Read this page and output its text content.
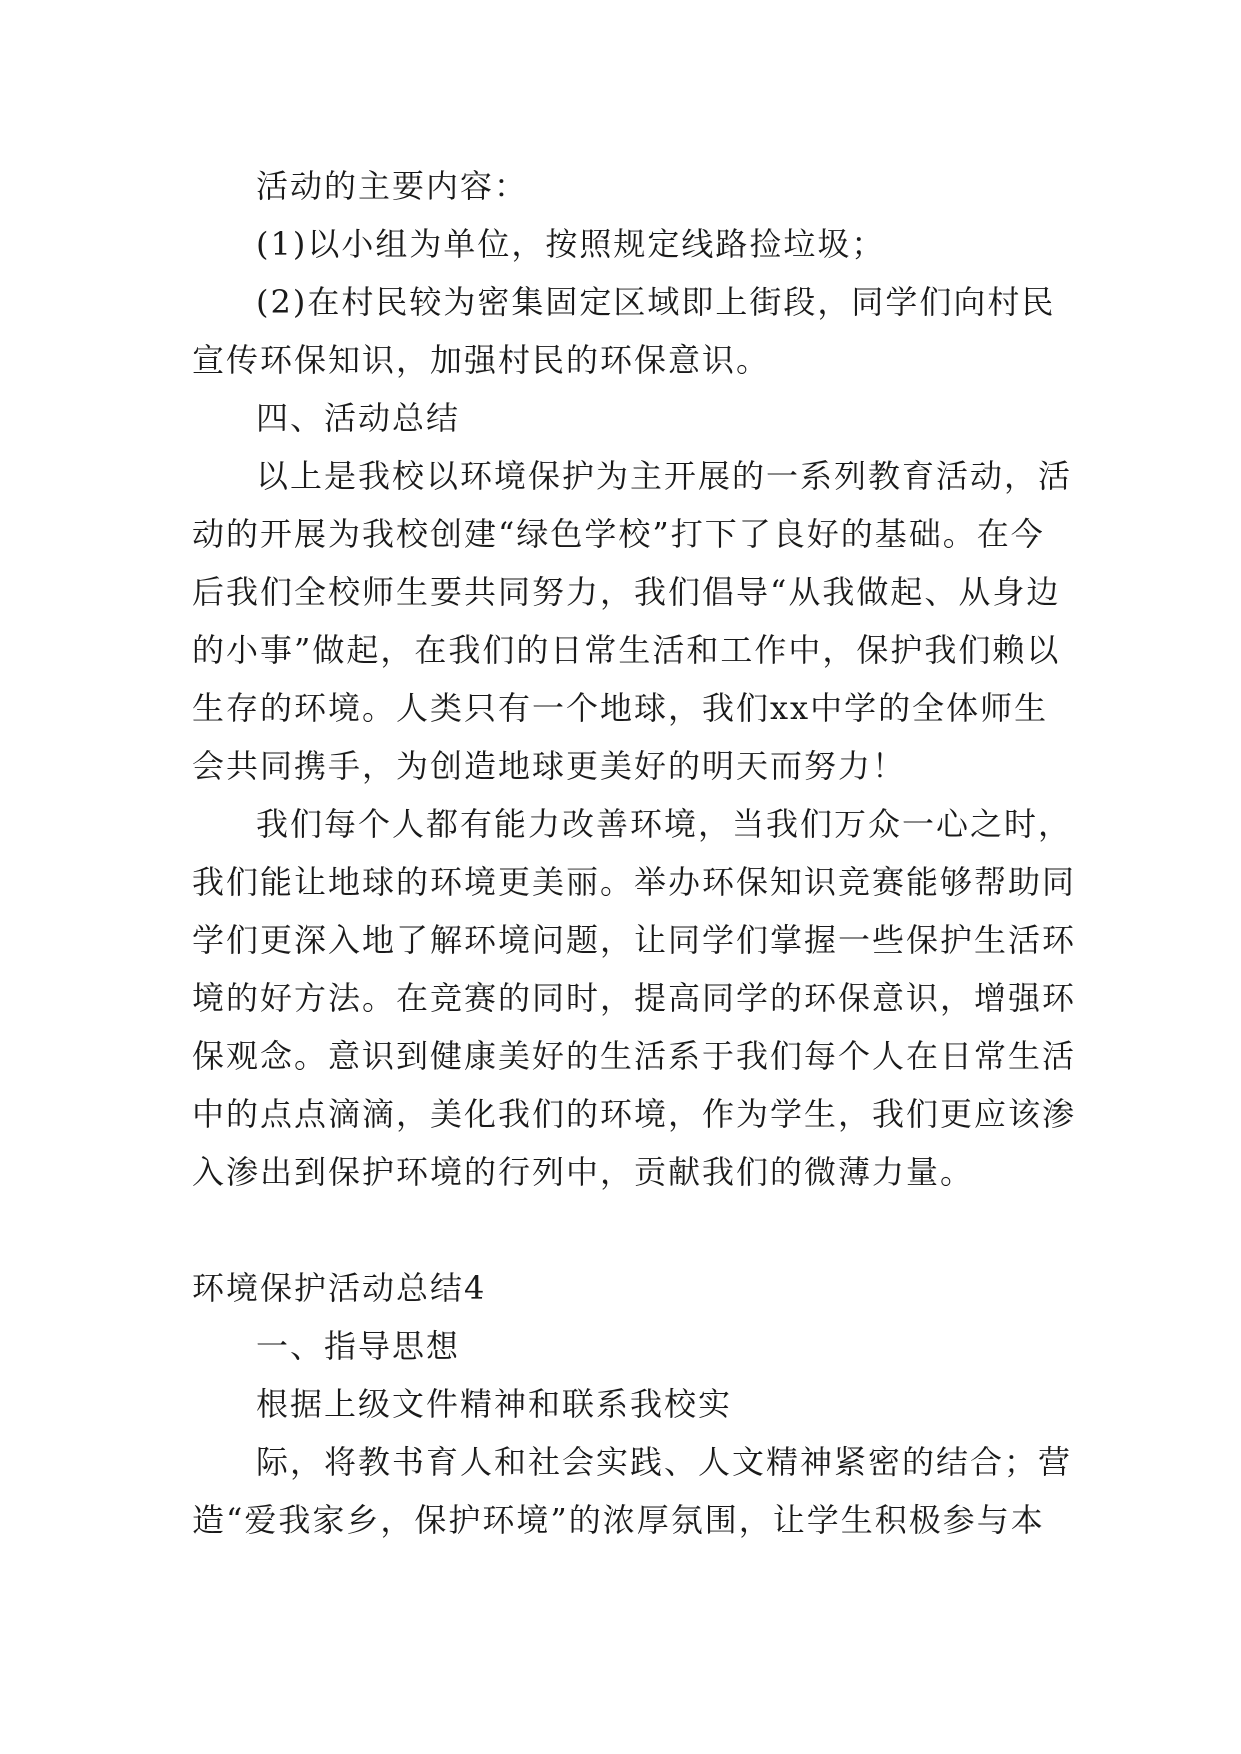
活动的主要内容：
(1)以小组为单位，按照规定线路捡垃圾；
(2)在村民较为密集固定区域即上街段，同学们向村民
宣传环保知识，加强村民的环保意识。
四、活动总结
以上是我校以环境保护为主开展的一系列教育活动，活
动的开展为我校创建“绿色学校”打下了良好的基础。在今
后我们全校师生要共同努力，我们倡导“从我做起、从身边
的小事”做起，在我们的日常生活和工作中，保护我们赖以
生存的环境。人类只有一个地球，我们xx中学的全体师生
会共同携手，为创造地球更美好的明天而努力！
我们每个人都有能力改善环境，当我们万众一心之时，
我们能让地球的环境更美丽。举办环保知识竞赛能够帮助同
学们更深入地了解环境问题，让同学们掌握一些保护生活环
境的好方法。在竞赛的同时，提高同学的环保意识，增强环
保观念。意识到健康美好的生活系于我们每个人在日常生活
中的点点滴滴，美化我们的环境，作为学生，我们更应该渗
入渗出到保护环境的行列中，贡献我们的微薄力量。
环境保护活动总结4
一、指导思想
根据上级文件精神和联系我校实
际，将教书育人和社会实践、人文精神紧密的结合；营
造“爱我家乡，保护环境”的浓厚氛围，让学生积极参与本
